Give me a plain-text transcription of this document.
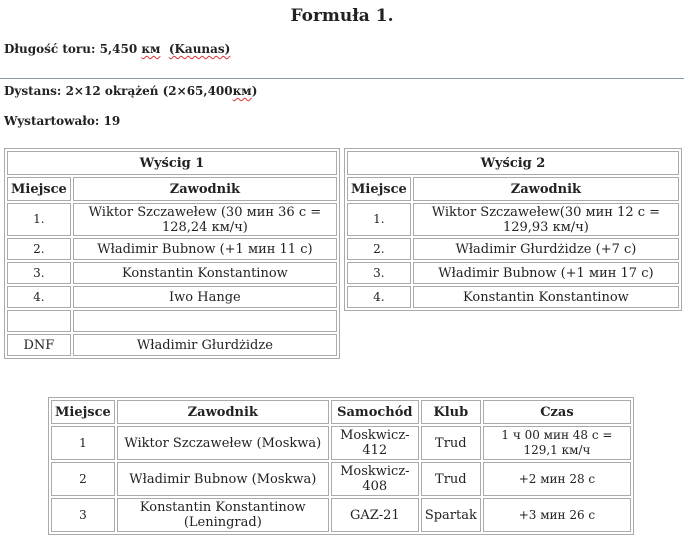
Formuła 1.
Długość toru: 5,450 км (Kaunas)
Dystans: 2×12 okrążeń (2×65,400км)
Wystartowało: 19
Wyścig 1	
Miejsce	Zawodnik
1.	Wiktor Szczawełew (30 мин 36 с = 128,24 км/ч)
2.	Władimir Bubnow (+1 мин 11 с)
3.	Konstantin Konstantinow
4.	Iwo Hange

DNF	Władimir Głurdżidze
Wyścig 2	
Miejsce	Zawodnik
1.	Wiktor Szczawełew(30 мин 12 с = 129,93 км/ч)
2.	Władimir Głurdżidze (+7 с)
3.	Władimir Bubnow (+1 мин 17 с)
4.	Konstantin Konstantinow
Miejsce	Zawodnik	Samochód	Klub	Czas
1	Wiktor Szczawełew (Moskwa)	Moskwicz-412	Trud	1 ч 00 мин 48 с = 129,1 км/ч
2	Władimir Bubnow (Moskwa)	Moskwicz-408	Trud	+2 мин 28 с
3	Konstantin Konstantinow (Leningrad)	GAZ-21	Spartak	+3 мин 26 с
